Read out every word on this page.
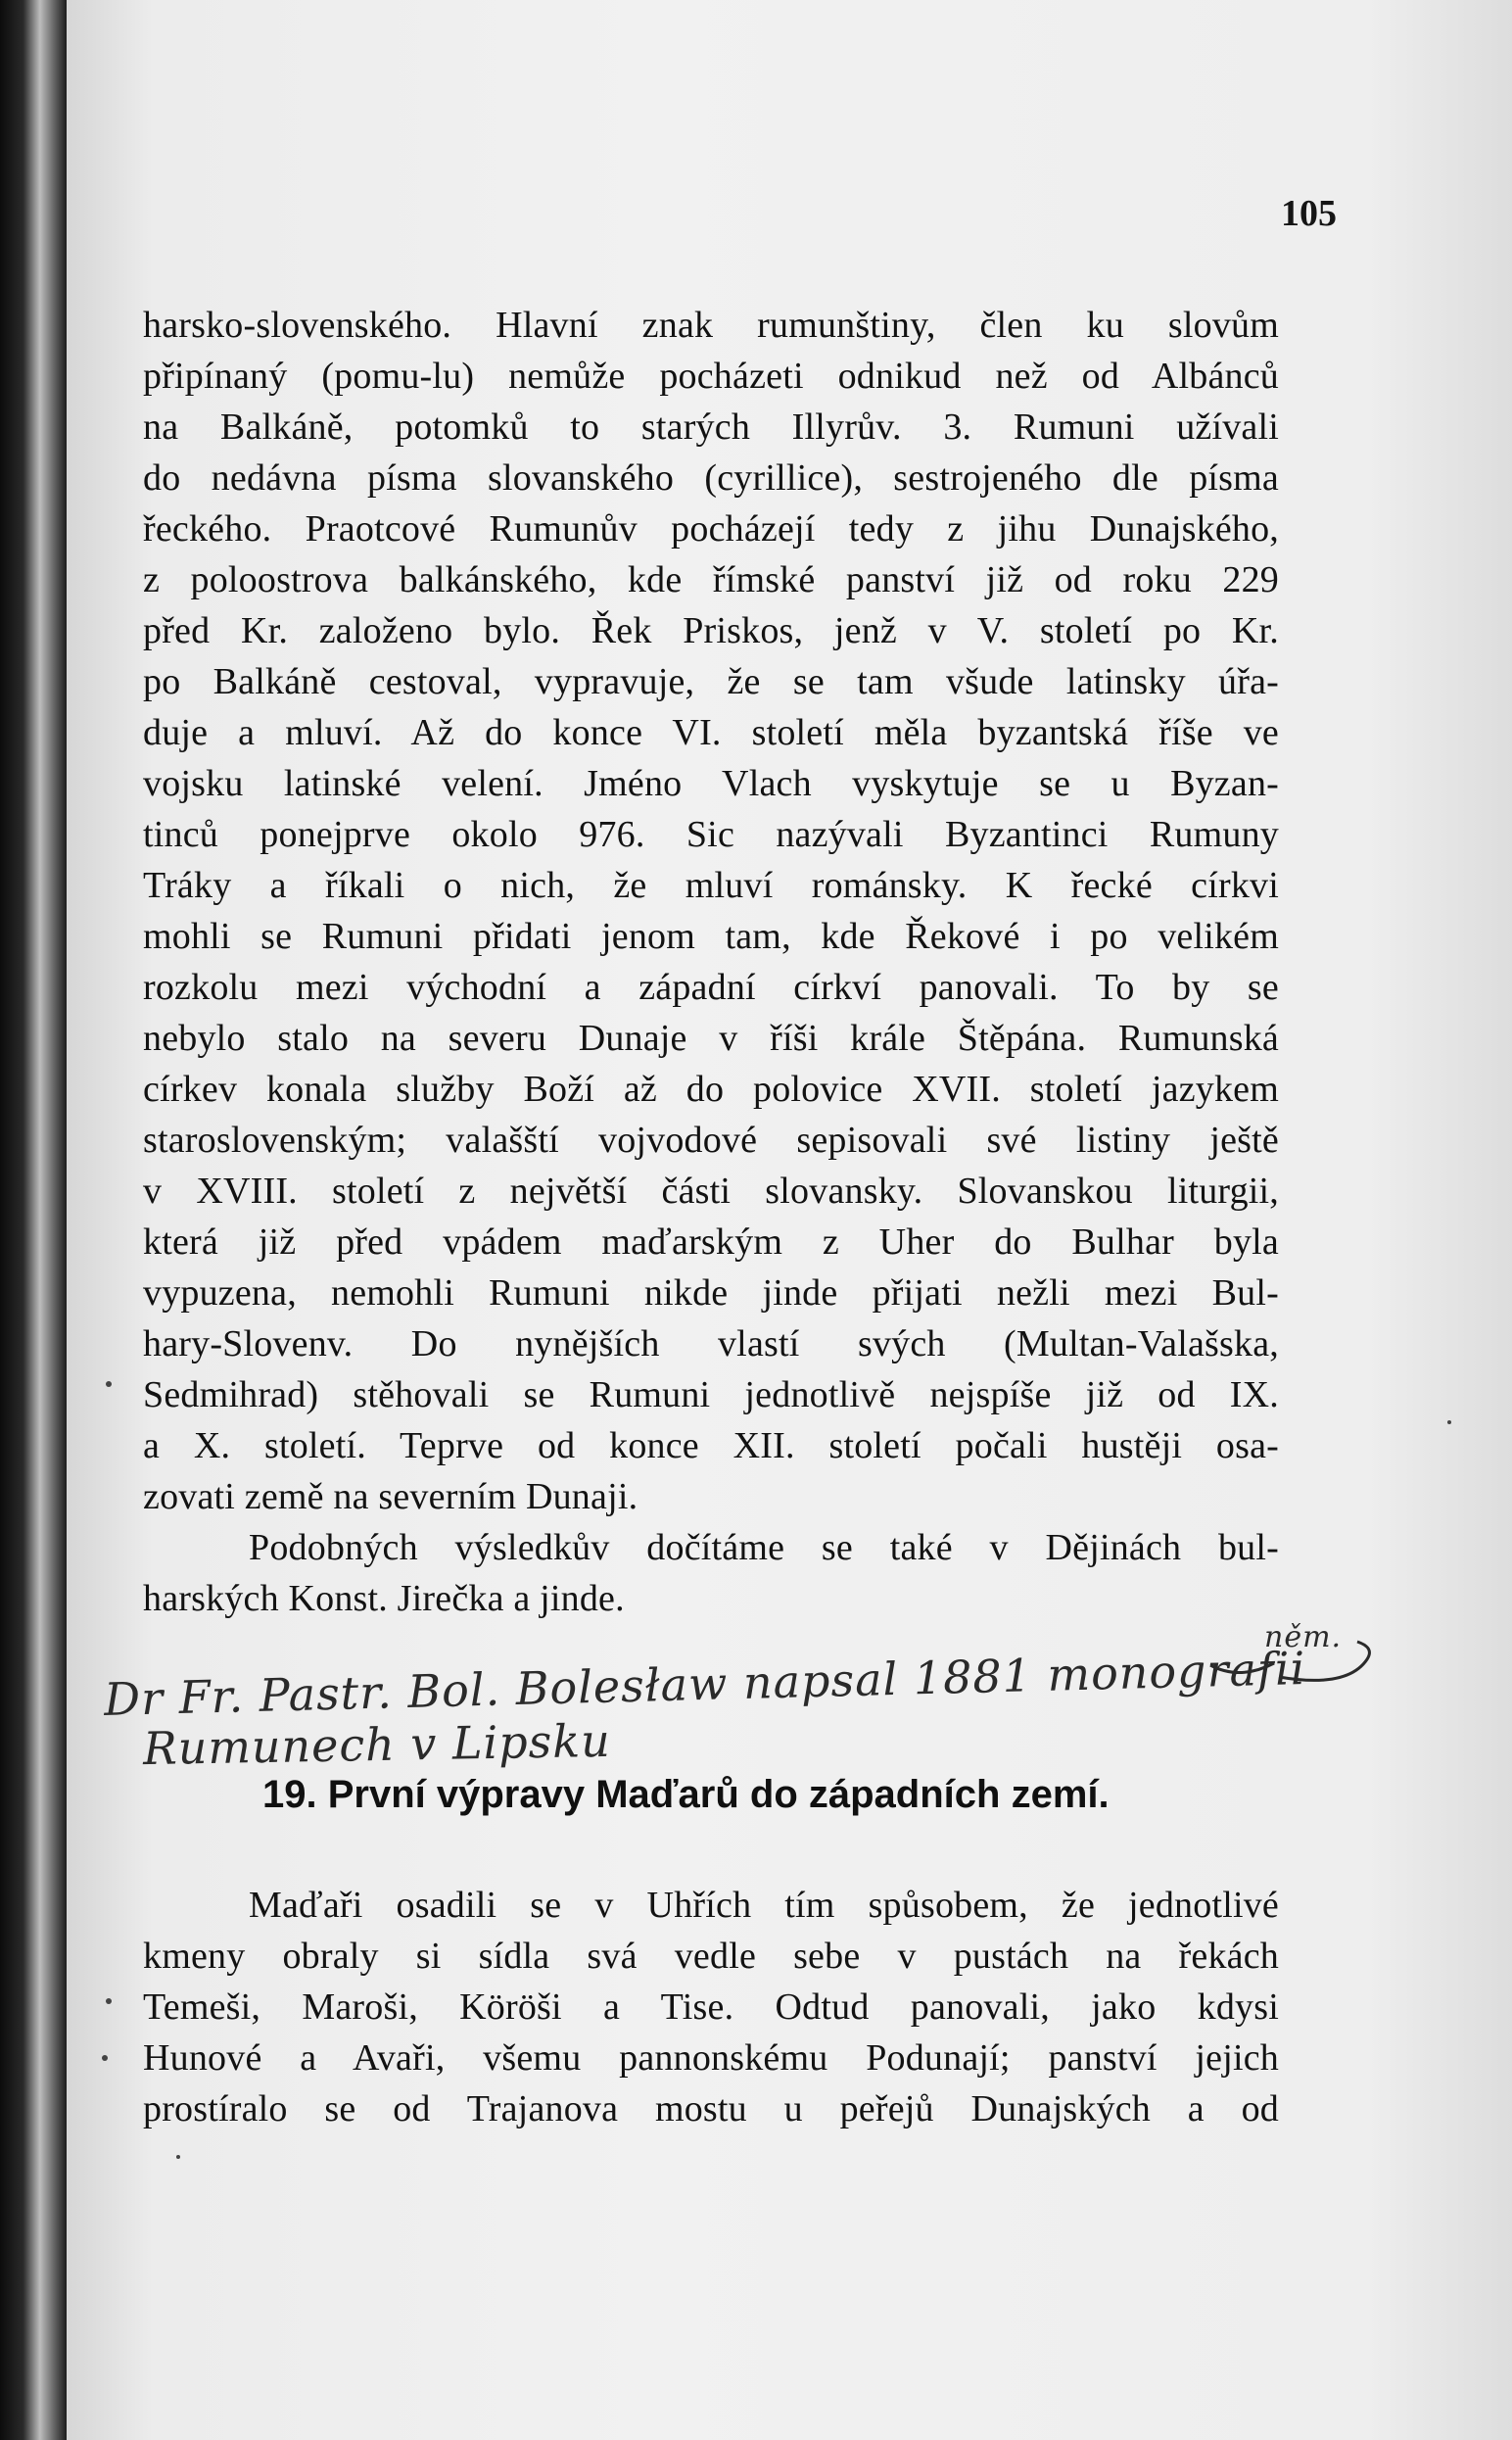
105
harsko-slovenského. Hlavní znak rumunštiny, člen ku slovům
připínaný (pomu-lu) nemůže pocházeti odnikud než od Albánců
na Balkáně, potomků to starých Illyrův. 3. Rumuni užívali
do nedávna písma slovanského (cyrillice), sestrojeného dle písma
řeckého. Praotcové Rumunův pocházejí tedy z jihu Dunajského,
z poloostrova balkánského, kde římské panství již od roku 229
před Kr. založeno bylo. Řek Priskos, jenž v V. století po Kr.
po Balkáně cestoval, vypravuje, že se tam všude latinsky úřa-
duje a mluví. Až do konce VI. století měla byzantská říše ve
vojsku latinské velení. Jméno Vlach vyskytuje se u Byzan-
tinců ponejprve okolo 976. Sic nazývali Byzantinci Rumuny
Tráky a říkali o nich, že mluví románsky. K řecké církvi
mohli se Rumuni přidati jenom tam, kde Řekové i po velikém
rozkolu mezi východní a západní církví panovali. To by se
nebylo stalo na severu Dunaje v říši krále Štěpána. Rumunská
církev konala služby Boží až do polovice XVII. století jazykem
staroslovenským; valašští vojvodové sepisovali své listiny ještě
v XVIII. století z největší části slovansky. Slovanskou liturgii,
která již před vpádem maďarským z Uher do Bulhar byla
vypuzena, nemohli Rumuni nikde jinde přijati nežli mezi Bul-
hary-Slovenv. Do nynějších vlastí svých (Multan-Valašska,
Sedmihrad) stěhovali se Rumuni jednotlivě nejspíše již od IX.
a X. století. Teprve od konce XII. století počali hustěji osa-
zovati země na severním Dunaji.
Podobných výsledkův dočítáme se také v Dějinách bul-
harských Konst. Jirečka a jinde.
Dr Fr. Pastr. Bol. Bolesław napsal 1881 monografii
Rumunech v Lipsku
něm.
19. První výpravy Maďarů do západních zemí.
Maďaři osadili se v Uhřích tím spůsobem, že jednotlivé
kmeny obraly si sídla svá vedle sebe v pustách na řekách
Temeši, Maroši, Köröši a Tise. Odtud panovali, jako kdysi
Hunové a Avaři, všemu pannonskému Podunají; panství jejich
prostíralo se od Trajanova mostu u peřejů Dunajských a od
